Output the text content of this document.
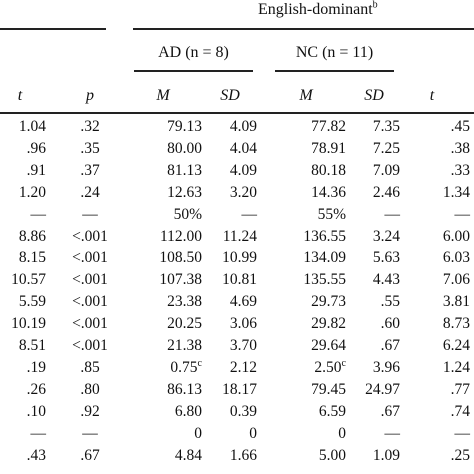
English-dominant$^b$
AD (n = 8)	NC (n = 11)
t	p	M	SD	M	SD	t
1.04	.32	79.13	4.09	77.82	7.35	.45
.96	.35	80.00	4.04	78.91	7.25	.38
.91	.37	81.13	4.09	80.18	7.09	.33
1.20	.24	12.63	3.20	14.36	2.46	1.34
—	—	50%	—	55%	—	—
8.86	<.001	112.00	11.24	136.55	3.24	6.00
8.15	<.001	108.50	10.99	134.09	5.63	6.03
10.57	<.001	107.38	10.81	135.55	4.43	7.06
5.59	<.001	23.38	4.69	29.73	.55	3.81
10.19	<.001	20.25	3.06	29.82	.60	8.73
8.51	<.001	21.38	3.70	29.64	.67	6.24
.19	.85	0.75$^c$	2.12	2.50$^c$	3.96	1.24
.26	.80	86.13	18.17	79.45	24.97	.77
.10	.92	6.80	0.39	6.59	.67	.74
—	—	0	0	0	—	—
.43	.67	4.84	1.66	5.00	1.09	.25
